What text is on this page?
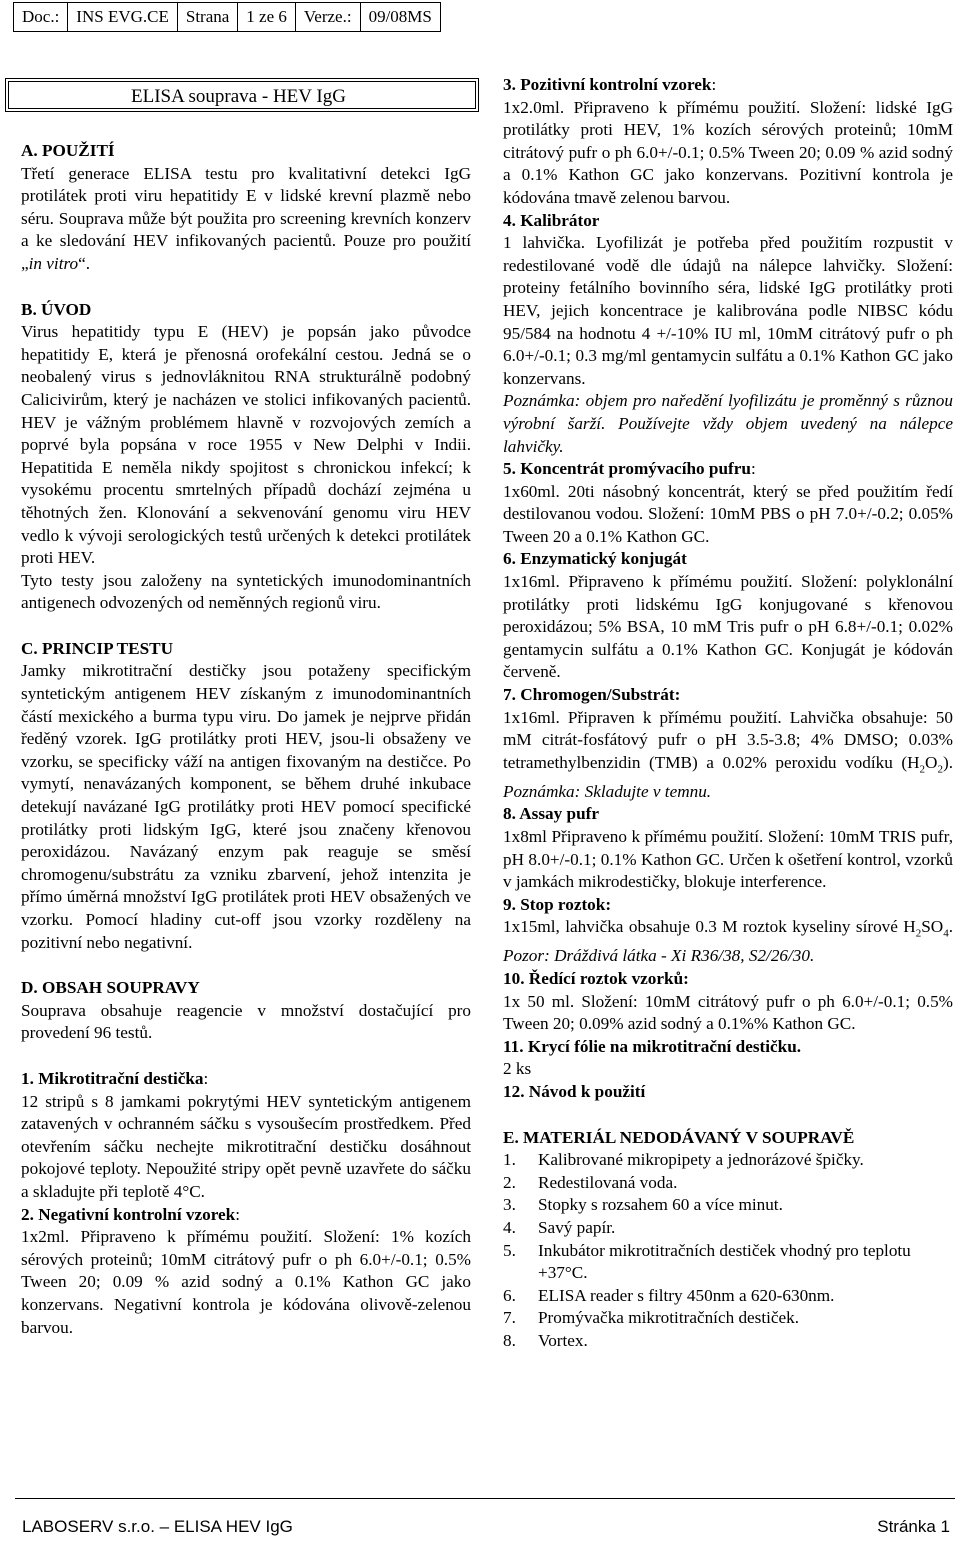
Doc.:	INS EVG.CE	Strana	1 ze 6	Verze.:	09/08MS
ELISA souprava - HEV IgG

A. POUŽITÍ

Třetí generace ELISA testu pro kvalitativní detekci IgG protilátek proti viru hepatitidy E v lidské krevní plazmě nebo séru. Souprava může být použita pro screening krevních konzerv a ke sledování HEV infikovaných pacientů. Pouze pro použití „in vitro“.

B. ÚVOD

Virus hepatitidy typu E (HEV) je popsán jako původce hepatitidy E, která je přenosná orofekální cestou. Jedná se o neobalený virus s jednovláknitou RNA strukturálně podobný Calicivirům, který je nacházen ve stolici infikovaných pacientů. HEV je vážným problémem hlavně v rozvojových zemích a poprvé byla popsána v roce 1955 v New Delphi v Indii. Hepatitida E neměla nikdy spojitost s chronickou infekcí; k vysokému procentu smrtelných případů dochází zejména u těhotných žen. Klonování a sekvenování genomu viru HEV vedlo k vývoji serologických testů určených k detekci protilátek proti HEV.

Tyto testy jsou založeny na syntetických imunodominantních antigenech odvozených od neměnných regionů viru.

C. PRINCIP TESTU

Jamky mikrotitrační destičky jsou potaženy specifickým syntetickým antigenem HEV získaným z imunodominantních částí mexického a burma typu viru. Do jamek je nejprve přidán ředěný vzorek. IgG protilátky proti HEV, jsou-li obsaženy ve vzorku, se specificky váží na antigen fixovaným na destičce. Po vymytí, nenavázaných komponent, se během druhé inkubace detekují navázané IgG protilátky proti HEV pomocí specifické protilátky proti lidským IgG, které jsou značeny křenovou peroxidázou. Navázaný enzym pak reaguje se směsí chromogenu/substrátu za vzniku zbarvení, jehož intenzita je přímo úměrná množství IgG protilátek proti HEV obsažených ve vzorku. Pomocí hladiny cut-off jsou vzorky rozděleny na pozitivní nebo negativní.

D. OBSAH SOUPRAVY

Souprava obsahuje reagencie v množství dostačující pro provedení 96 testů.

1. Mikrotitrační destička:

12 stripů s 8 jamkami pokrytými HEV syntetickým antigenem zatavených v ochranném sáčku s vysoušecím prostředkem. Před otevřením sáčku nechejte mikrotitrační destičku dosáhnout pokojové teploty. Nepoužité stripy opět pevně uzavřete do sáčku a skladujte při teplotě 4°C.

2. Negativní kontrolní vzorek:

1x2ml. Připraveno k přímému použití. Složení: 1% kozích sérových proteinů; 10mM citrátový pufr o ph 6.0+/-0.1; 0.5% Tween 20; 0.09 % azid sodný a 0.1% Kathon GC jako konzervans. Negativní kontrola je kódována olivově-zelenou barvou.

3. Pozitivní kontrolní vzorek:

1x2.0ml. Připraveno k přímému použití. Složení: lidské IgG protilátky proti HEV, 1% kozích sérových proteinů; 10mM citrátový pufr o ph 6.0+/-0.1; 0.5% Tween 20; 0.09 % azid sodný a 0.1% Kathon GC jako konzervans. Pozitivní kontrola je kódována tmavě zelenou barvou.

4. Kalibrátor

1 lahvička. Lyofilizát je potřeba před použitím rozpustit v redestilované vodě dle údajů na nálepce lahvičky. Složení: proteiny fetálního bovinního séra, lidské IgG protilátky proti HEV, jejich koncentrace je kalibrována podle NIBSC kódu 95/584 na hodnotu 4 +/-10% IU ml, 10mM citrátový pufr o ph 6.0+/-0.1; 0.3 mg/ml gentamycin sulfátu a 0.1% Kathon GC jako konzervans.

Poznámka: objem pro naředění lyofilizátu je proměnný s různou výrobní šarží. Používejte vždy objem uvedený na nálepce lahvičky.

5. Koncentrát promývacího pufru:

1x60ml. 20ti násobný koncentrát, který se před použitím ředí destilovanou vodou. Složení: 10mM PBS o pH 7.0+/-0.2; 0.05% Tween 20 a 0.1% Kathon GC.

6. Enzymatický konjugát

1x16ml. Připraveno k přímému použití. Složení: polyklonální protilátky proti lidskému IgG konjugované s křenovou peroxidázou; 5% BSA, 10 mM Tris pufr o pH 6.8+/-0.1; 0.02% gentamycin sulfátu a 0.1% Kathon GC. Konjugát je kódován červeně.

7. Chromogen/Substrát:

1x16ml. Připraven k přímému použití. Lahvička obsahuje: 50 mM citrát-fosfátový pufr o pH 3.5-3.8; 4% DMSO; 0.03% tetramethylbenzidin (TMB) a 0.02% peroxidu vodíku $(H_2O_2)$. Poznámka: Skladujte v temnu.

8. Assay pufr

1x8ml Připraveno k přímému použití. Složení: 10mM TRIS pufr, pH 8.0+/-0.1; 0.1% Kathon GC. Určen k ošetření kontrol, vzorků v jamkách mikrodestičky, blokuje interference.

9. Stop roztok:

1x15ml, lahvička obsahuje 0.3 M roztok kyseliny sírové $H_2SO_4$. Pozor: Dráždivá látka - Xi R36/38, S2/26/30.

10. Ředící roztok vzorků:

1x 50 ml. Složení: 10mM citrátový pufr o ph 6.0+/-0.1; 0.5% Tween 20; 0.09% azid sodný a 0.1%% Kathon GC.

11. Krycí fólie na mikrotitrační destičku.

2 ks

12. Návod k použití

E. MATERIÁL NEDODÁVANÝ V SOUPRAVĚ

1.	Kalibrované mikropipety a jednorázové špičky.
2.	Redestilovaná voda.
3.	Stopky s rozsahem 60 a více minut.
4.	Savý papír.
5.	Inkubátor mikrotitračních destiček vhodný pro teplotu +37°C.
6.	ELISA reader s filtry 450nm a 620-630nm.
7.	Promývačka mikrotitračních destiček.
8.	Vortex.
LABOSERV s.r.o. – ELISA HEV IgG	Stránka 1
